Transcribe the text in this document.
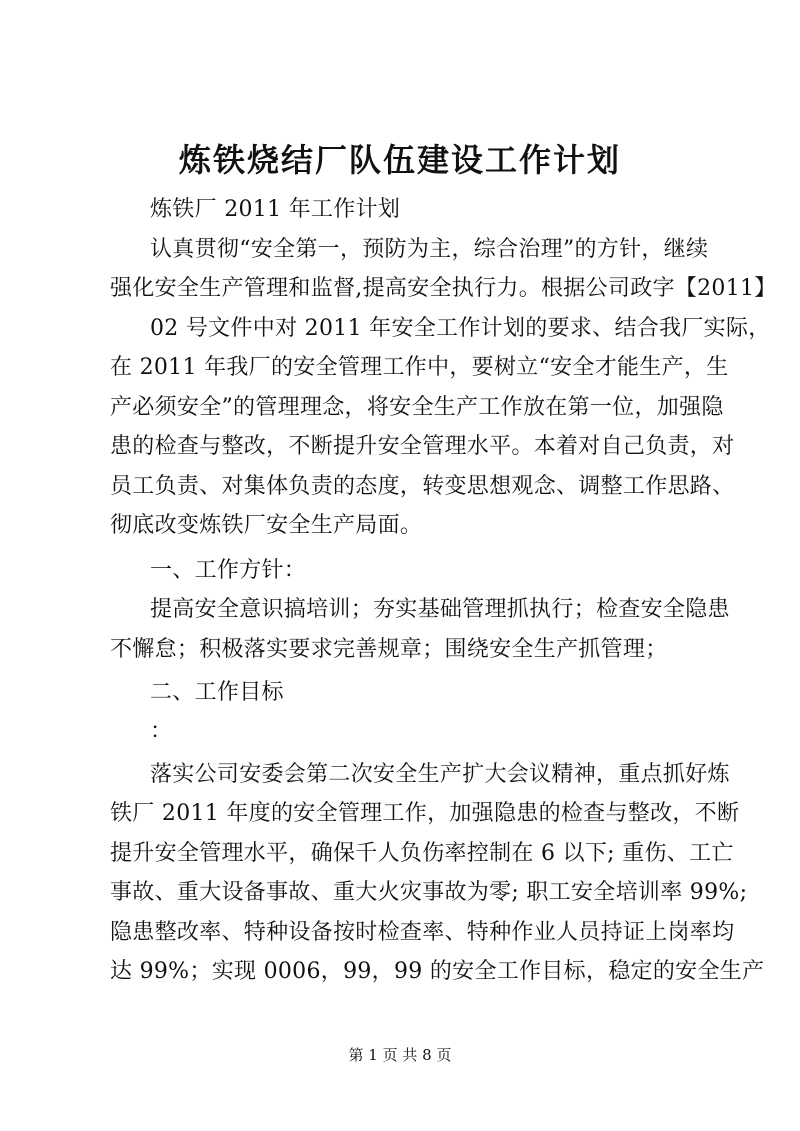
炼铁烧结厂队伍建设工作计划
炼铁厂 2011 年工作计划
认真贯彻“安全第一，预防为主，综合治理”的方针，继续
强化安全生产管理和监督,提高安全执行力。根据公司政字【2011】
02 号文件中对 2011 年安全工作计划的要求、结合我厂实际，
在 2011 年我厂的安全管理工作中，要树立“安全才能生产，生
产必须安全”的管理理念，将安全生产工作放在第一位，加强隐
患的检查与整改，不断提升安全管理水平。本着对自己负责，对
员工负责、对集体负责的态度，转变思想观念、调整工作思路、
彻底改变炼铁厂安全生产局面。
一、工作方针：
提高安全意识搞培训；夯实基础管理抓执行；检查安全隐患
不懈怠；积极落实要求完善规章；围绕安全生产抓管理；
二、工作目标
：
落实公司安委会第二次安全生产扩大会议精神，重点抓好炼
铁厂 2011 年度的安全管理工作，加强隐患的检查与整改，不断
提升安全管理水平，确保千人负伤率控制在 6 以下; 重伤、工亡
事故、重大设备事故、重大火灾事故为零; 职工安全培训率 99%;
隐患整改率、特种设备按时检查率、特种作业人员持证上岗率均
达 99%；实现 0006，99，99 的安全工作目标，稳定的安全生产
第 1 页 共 8 页
